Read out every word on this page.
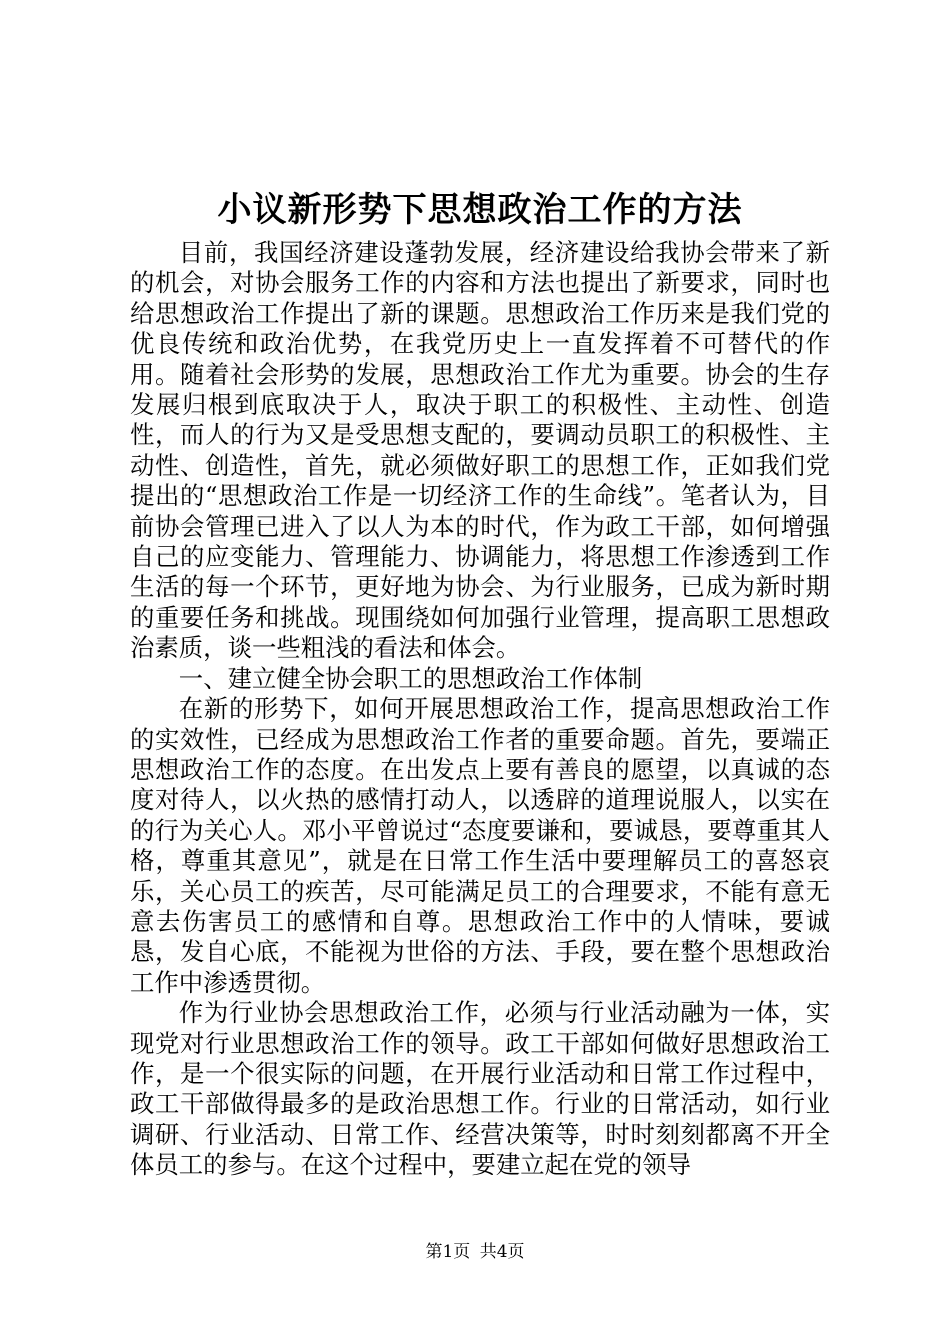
小议新形势下思想政治工作的方法

目前，我国经济建设蓬勃发展，经济建设给我协会带来了新的机会，对协会服务工作的内容和方法也提出了新要求，同时也给思想政治工作提出了新的课题。思想政治工作历来是我们党的优良传统和政治优势，在我党历史上一直发挥着不可替代的作用。随着社会形势的发展，思想政治工作尤为重要。协会的生存发展归根到底取决于人，取决于职工的积极性、主动性、创造性，而人的行为又是受思想支配的，要调动员职工的积极性、主动性、创造性，首先，就必须做好职工的思想工作，正如我们党提出的“思想政治工作是一切经济工作的生命线”。笔者认为，目前协会管理已进入了以人为本的时代，作为政工干部，如何增强自己的应变能力、管理能力、协调能力，将思想工作渗透到工作生活的每一个环节，更好地为协会、为行业服务，已成为新时期的重要任务和挑战。现围绕如何加强行业管理，提高职工思想政治素质，谈一些粗浅的看法和体会。

一、建立健全协会职工的思想政治工作体制

在新的形势下，如何开展思想政治工作，提高思想政治工作的实效性，已经成为思想政治工作者的重要命题。首先，要端正思想政治工作的态度。在出发点上要有善良的愿望，以真诚的态度对待人，以火热的感情打动人，以透辟的道理说服人，以实在的行为关心人。邓小平曾说过“态度要谦和，要诚恳，要尊重其人格，尊重其意见”，就是在日常工作生活中要理解员工的喜怒哀乐，关心员工的疾苦，尽可能满足员工的合理要求，不能有意无意去伤害员工的感情和自尊。思想政治工作中的人情味，要诚恳，发自心底，不能视为世俗的方法、手段，要在整个思想政治工作中渗透贯彻。

作为行业协会思想政治工作，必须与行业活动融为一体，实现党对行业思想政治工作的领导。政工干部如何做好思想政治工作，是一个很实际的问题，在开展行业活动和日常工作过程中，政工干部做得最多的是政治思想工作。行业的日常活动，如行业调研、行业活动、日常工作、经营决策等，时时刻刻都离不开全体员工的参与。在这个过程中，要建立起在党的领导

第1页 共4页
